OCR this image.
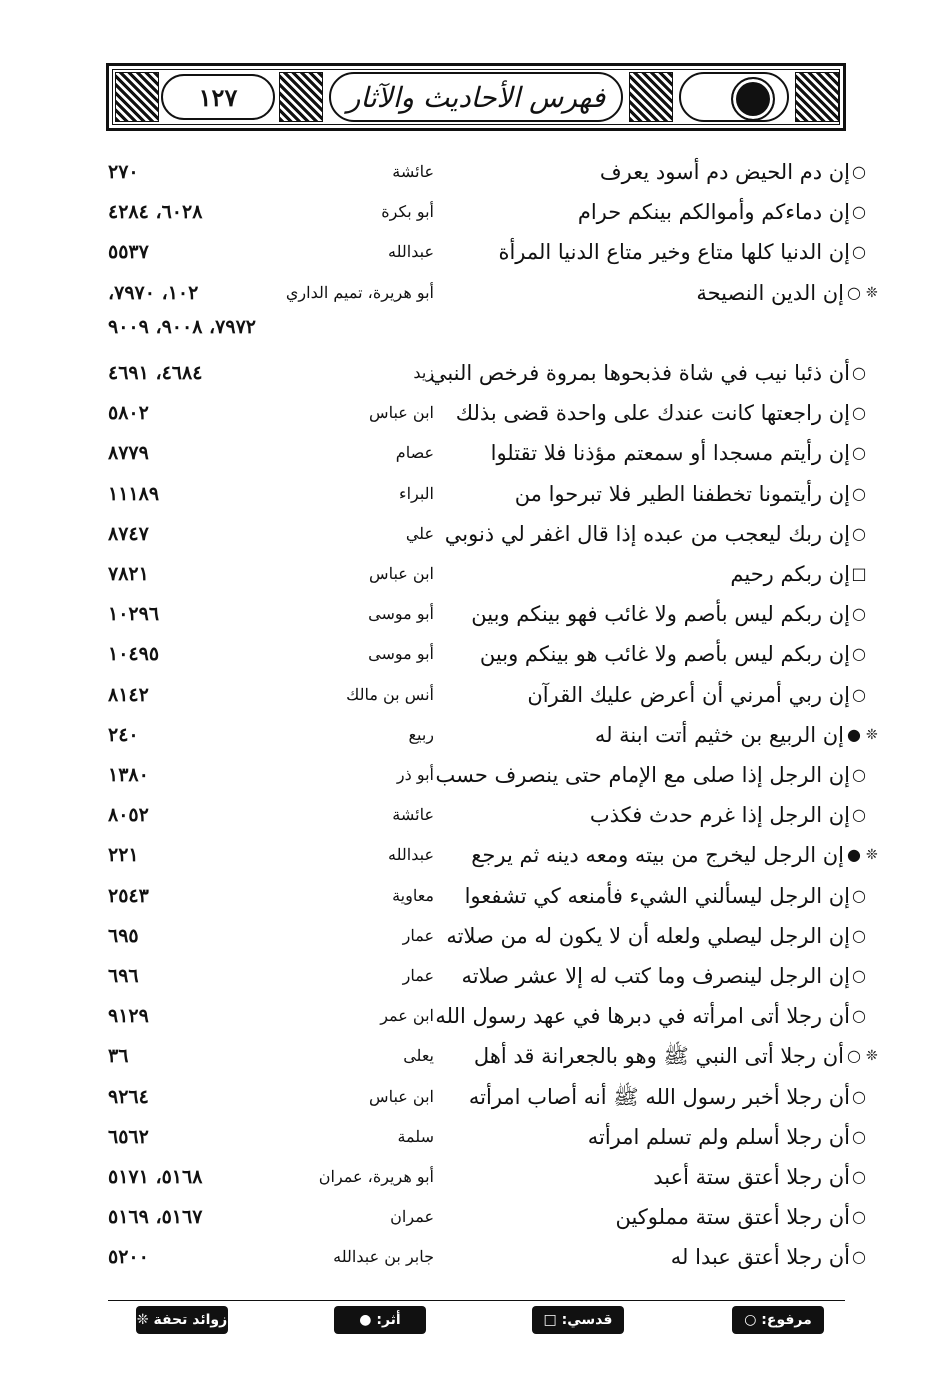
١٢٧	فهرس الأحاديث والآثار
○
إن دم الحيض دم أسود يعرف
عائشة
٢٧٠
○
إن دماءكم وأموالكم بينكم حرام
أبو بكرة
٦٠٢٨، ٤٢٨٤
○
إن الدنيا كلها متاع وخير متاع الدنيا المرأة
عبدالله
٥٥٣٧
❊
○
إن الدين النصيحة
أبو هريرة، تميم الداري
١٠٢، ٧٩٧٠،
٧٩٧٢، ٩٠٠٨، ٩٠٠٩
○
أن ذئبا نيب في شاة فذبحوها بمروة فرخص النبي
زيد
٤٦٨٤، ٤٦٩١
○
إن راجعتها كانت عندك على واحدة قضى بذلك
ابن عباس
٥٨٠٢
○
إن رأيتم مسجدا أو سمعتم مؤذنا فلا تقتلوا
عصام
٨٧٧٩
○
إن رأيتمونا تخطفنا الطير فلا تبرحوا من
البراء
١١١٨٩
○
إن ربك ليعجب من عبده إذا قال اغفر لي ذنوبي
علي
٨٧٤٧
□
إن ربكم رحيم
ابن عباس
٧٨٢١
○
إن ربكم ليس بأصم ولا غائب فهو بينكم وبين
أبو موسى
١٠٢٩٦
○
إن ربكم ليس بأصم ولا غائب هو بينكم وبين
أبو موسى
١٠٤٩٥
○
إن ربي أمرني أن أعرض عليك القرآن
أنس بن مالك
٨١٤٢
❊
●
إن الربيع بن خثيم أتت ابنة له
ربيع
٢٤٠
○
إن الرجل إذا صلى مع الإمام حتى ينصرف حسب
أبو ذر
١٣٨٠
○
إن الرجل إذا غرم حدث فكذب
عائشة
٨٠٥٢
❊
●
إن الرجل ليخرج من بيته ومعه دينه ثم يرجع
عبدالله
٢٢١
○
إن الرجل ليسألني الشيء فأمنعه كي تشفعوا
معاوية
٢٥٤٣
○
إن الرجل ليصلي ولعله أن لا يكون له من صلاته
عمار
٦٩٥
○
إن الرجل لينصرف وما كتب له إلا عشر صلاته
عمار
٦٩٦
○
أن رجلا أتى امرأته في دبرها في عهد رسول الله
ابن عمر
٩١٢٩
❊
○
أن رجلا أتى النبي ﷺ وهو بالجعرانة قد أهل
يعلى
٣٦
○
أن رجلا أخبر رسول الله ﷺ أنه أصاب امرأته
ابن عباس
٩٢٦٤
○
أن رجلا أسلم ولم تسلم امرأته
سلمة
٦٥٦٢
○
أن رجلا أعتق ستة أعبد
أبو هريرة، عمران
٥١٦٨، ٥١٧١
○
أن رجلا أعتق ستة مملوكين
عمران
٥١٦٧، ٥١٦٩
○
أن رجلا أعتق عبدا له
جابر بن عبدالله
٥٢٠٠
مرفوع: ○
قدسي: □
أثر: ●
زوائد تحفة ❊
